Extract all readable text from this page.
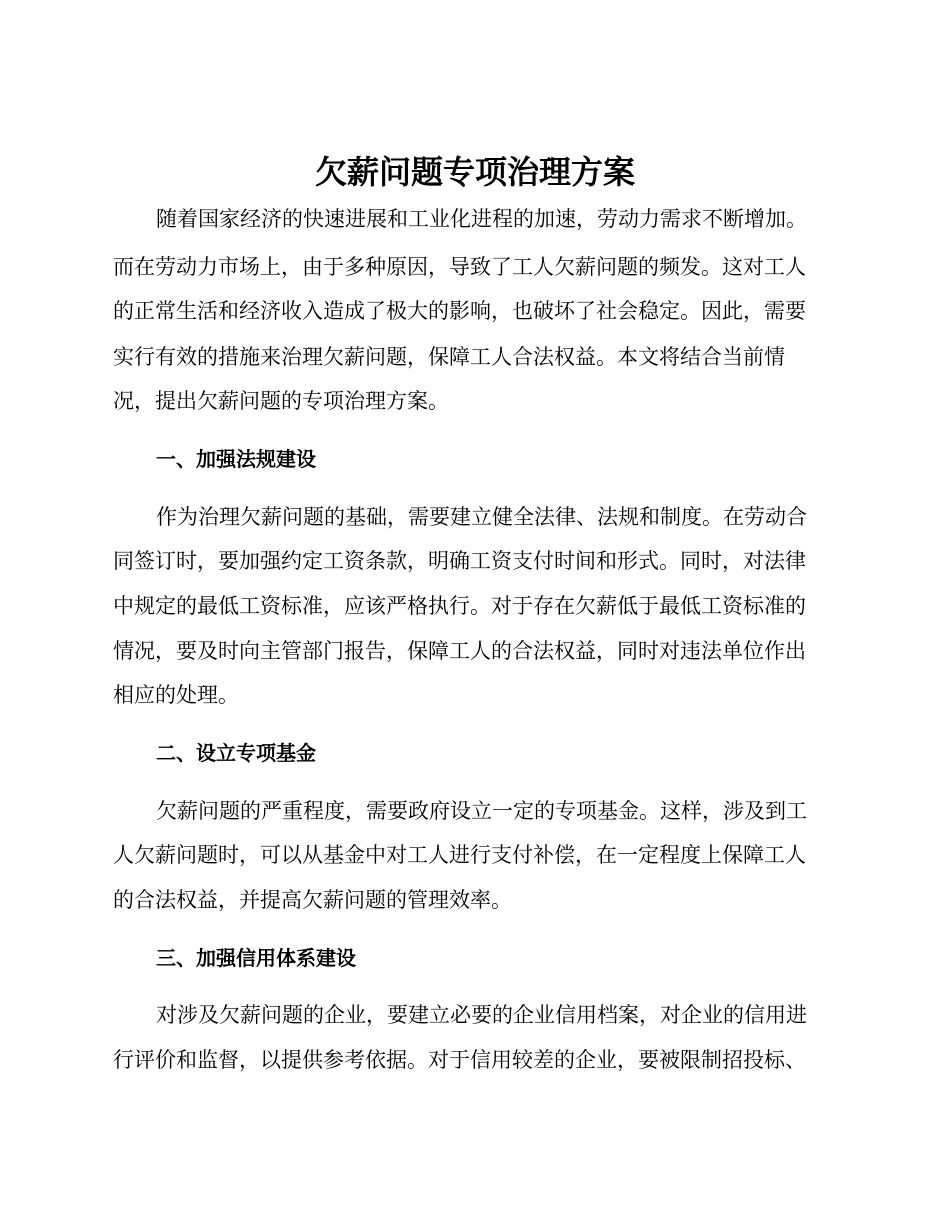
欠薪问题专项治理方案

随着国家经济的快速进展和工业化进程的加速，劳动力需求不断增加。

而在劳动力市场上，由于多种原因，导致了工人欠薪问题的频发。这对工人

的正常生活和经济收入造成了极大的影响，也破坏了社会稳定。因此，需要

实行有效的措施来治理欠薪问题，保障工人合法权益。本文将结合当前情

况，提出欠薪问题的专项治理方案。

一、加强法规建设

作为治理欠薪问题的基础，需要建立健全法律、法规和制度。在劳动合

同签订时，要加强约定工资条款，明确工资支付时间和形式。同时，对法律

中规定的最低工资标准，应该严格执行。对于存在欠薪低于最低工资标准的

情况，要及时向主管部门报告，保障工人的合法权益，同时对违法单位作出

相应的处理。

二、设立专项基金

欠薪问题的严重程度，需要政府设立一定的专项基金。这样，涉及到工

人欠薪问题时，可以从基金中对工人进行支付补偿，在一定程度上保障工人

的合法权益，并提高欠薪问题的管理效率。

三、加强信用体系建设

对涉及欠薪问题的企业，要建立必要的企业信用档案，对企业的信用进

行评价和监督，以提供参考依据。对于信用较差的企业，要被限制招投标、
